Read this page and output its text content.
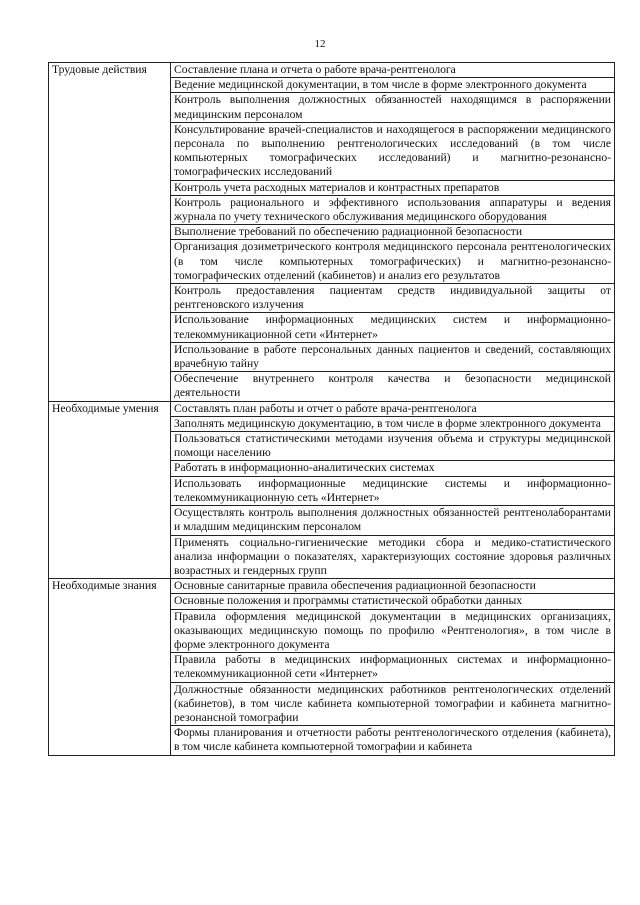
12
Трудовые действия	Составление плана и отчета о работе врача-рентгенолога
	Ведение медицинской документации, в том числе в форме электронного документа
	Контроль выполнения должностных обязанностей находящимся в распоряжении медицинским персоналом
	Консультирование врачей-специалистов и находящегося в распоряжении медицинского персонала по выполнению рентгенологических исследований (в том числе компьютерных томографических исследований) и магнитно-резонансно-томографических исследований
	Контроль учета расходных материалов и контрастных препаратов
	Контроль рационального и эффективного использования аппаратуры и ведения журнала по учету технического обслуживания медицинского оборудования
	Выполнение требований по обеспечению радиационной безопасности
	Организация дозиметрического контроля медицинского персонала рентгенологических (в том числе компьютерных томографических) и магнитно-резонансно-томографических отделений (кабинетов) и анализ его результатов
	Контроль предоставления пациентам средств индивидуальной защиты от рентгеновского излучения
	Использование информационных медицинских систем и информационно-телекоммуникационной сети «Интернет»
	Использование в работе персональных данных пациентов и сведений, составляющих врачебную тайну
	Обеспечение внутреннего контроля качества и безопасности медицинской деятельности
Необходимые умения	Составлять план работы и отчет о работе врача-рентгенолога
	Заполнять медицинскую документацию, в том числе в форме электронного документа
	Пользоваться статистическими методами изучения объема и структуры медицинской помощи населению
	Работать в информационно-аналитических системах
	Использовать информационные медицинские системы и информационно-телекоммуникационную сеть «Интернет»
	Осуществлять контроль выполнения должностных обязанностей рентгенолаборантами и младшим медицинским персоналом
	Применять социально-гигиенические методики сбора и медико-статистического анализа информации о показателях, характеризующих состояние здоровья различных возрастных и гендерных групп
Необходимые знания	Основные санитарные правила обеспечения радиационной безопасности
	Основные положения и программы статистической обработки данных
	Правила оформления медицинской документации в медицинских организациях, оказывающих медицинскую помощь по профилю «Рентгенология», в том числе в форме электронного документа
	Правила работы в медицинских информационных системах и информационно-телекоммуникационной сети «Интернет»
	Должностные обязанности медицинских работников рентгенологических отделений (кабинетов), в том числе кабинета компьютерной томографии и кабинета магнитно-резонансной томографии
	Формы планирования и отчетности работы рентгенологического отделения (кабинета), в том числе кабинета компьютерной томографии и кабинета
